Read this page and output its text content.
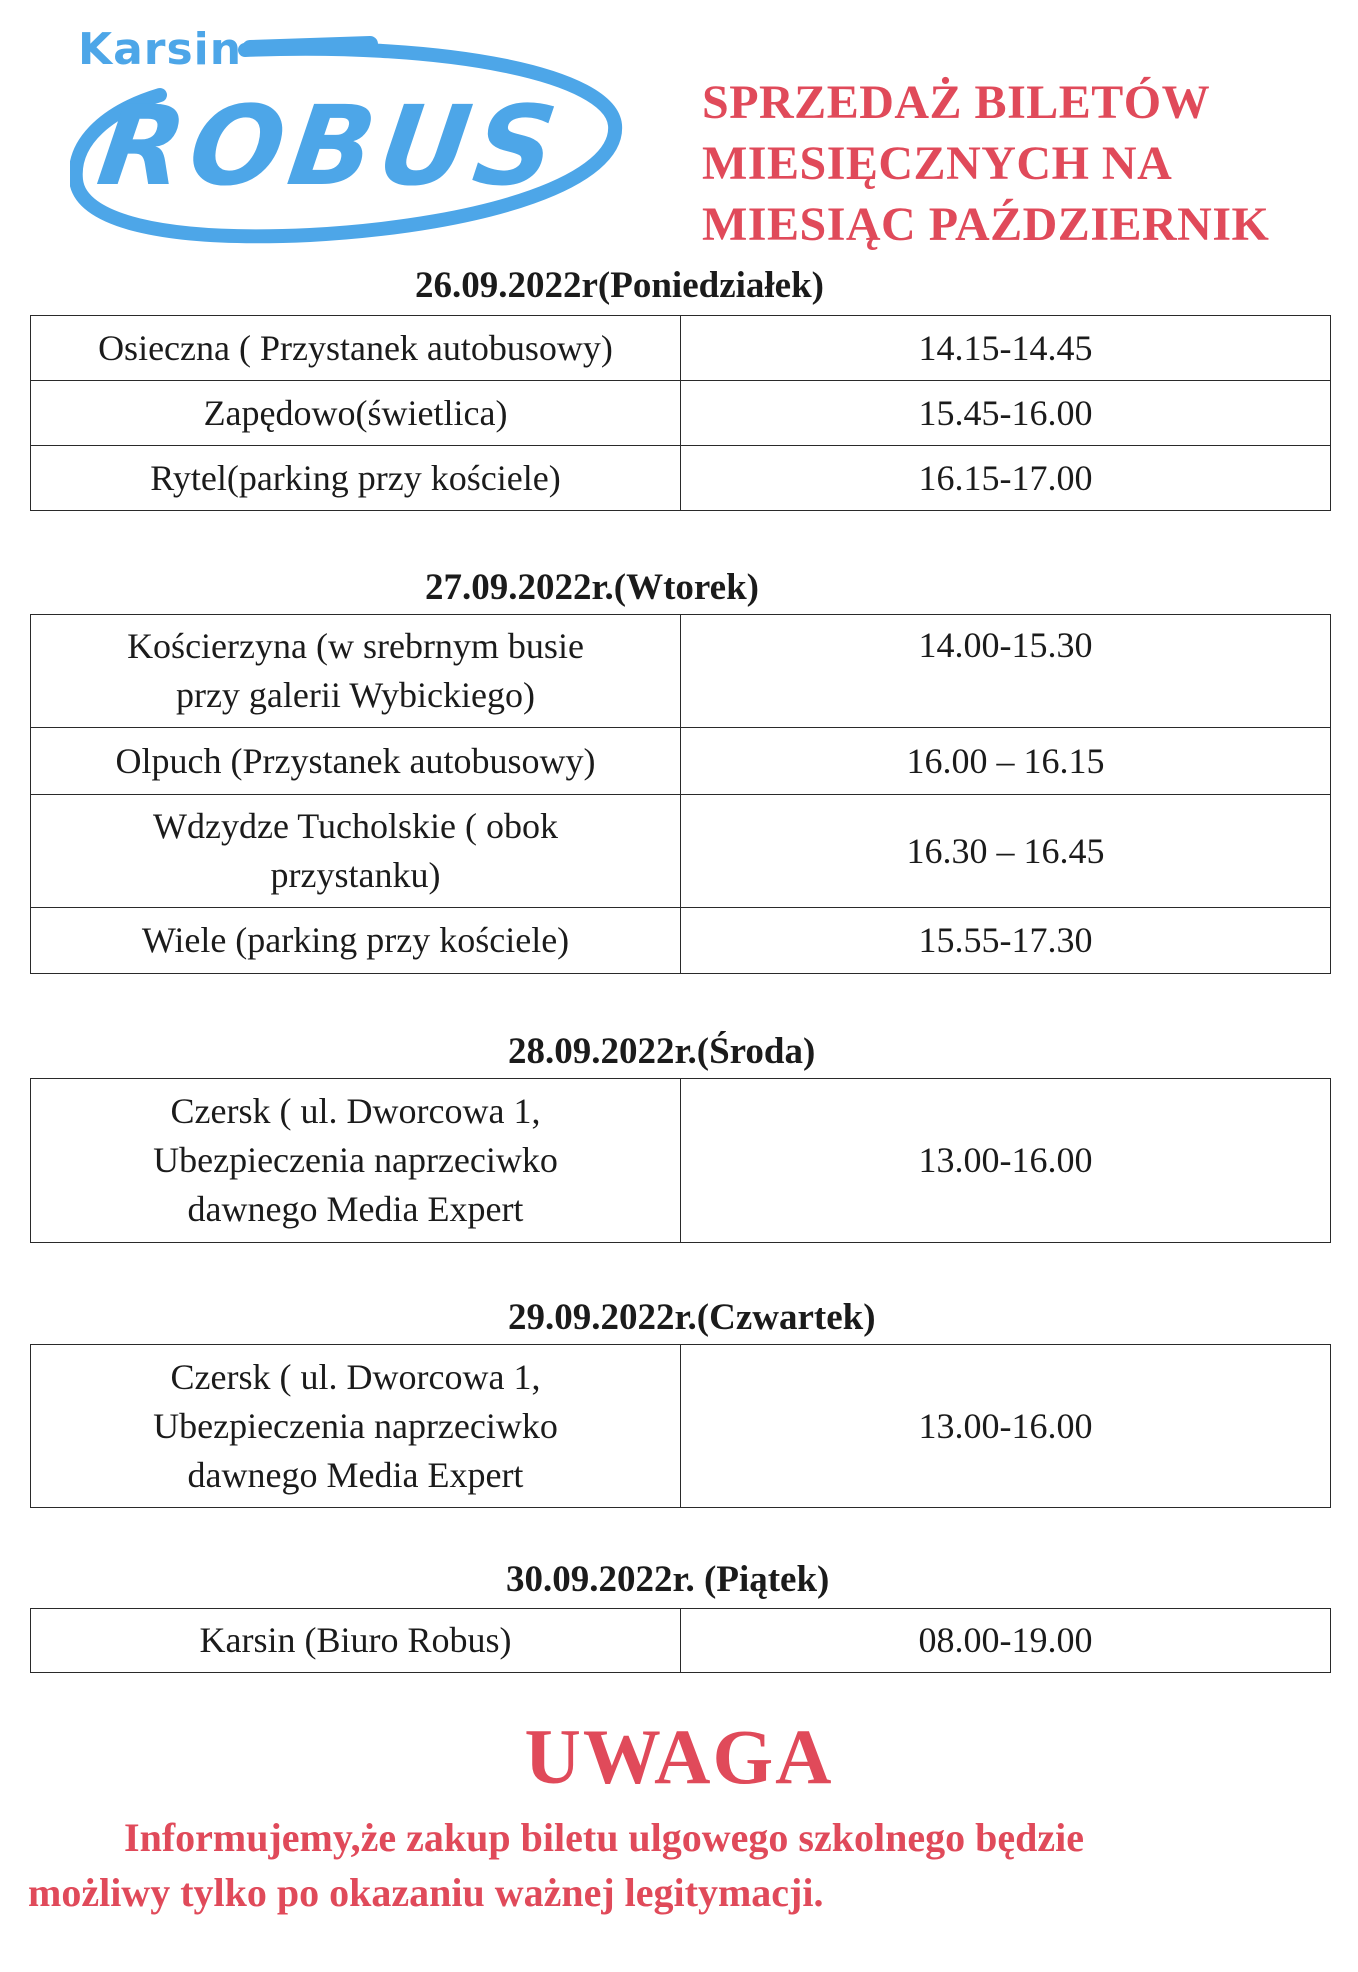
Karsin
ROBUS	SPRZEDAŻ BILETÓW
MIESIĘCZNYCH NA
MIESIĄC PAŹDZIERNIK
26.09.2022r(Poniedziałek)
Osieczna ( Przystanek autobusowy)	14.15-14.45
Zapędowo(świetlica)	15.45-16.00
Rytel(parking przy kościele)	16.15-17.00
27.09.2022r.(Wtorek)
Kościerzyna (w srebrnym busie
przy galerii Wybickiego)	14.00-15.30
Olpuch (Przystanek autobusowy)	16.00 – 16.15

Wdzydze Tucholskie ( obok
przystanku)	16.30 – 16.45
Wiele (parking przy kościele)	15.55-17.30
28.09.2022r.(Środa)
Czersk ( ul. Dworcowa 1,
Ubezpieczenia naprzeciwko
dawnego Media Expert
	13.00-16.00
29.09.2022r.(Czwartek)
Czersk ( ul. Dworcowa 1,
Ubezpieczenia naprzeciwko
dawnego Media Expert
	13.00-16.00
30.09.2022r. (Piątek)
Karsin (Biuro Robus)	08.00-19.00
UWAGA
Informujemy,że zakup biletu ulgowego szkolnego będzie
możliwy tylko po okazaniu ważnej legitymacji.
